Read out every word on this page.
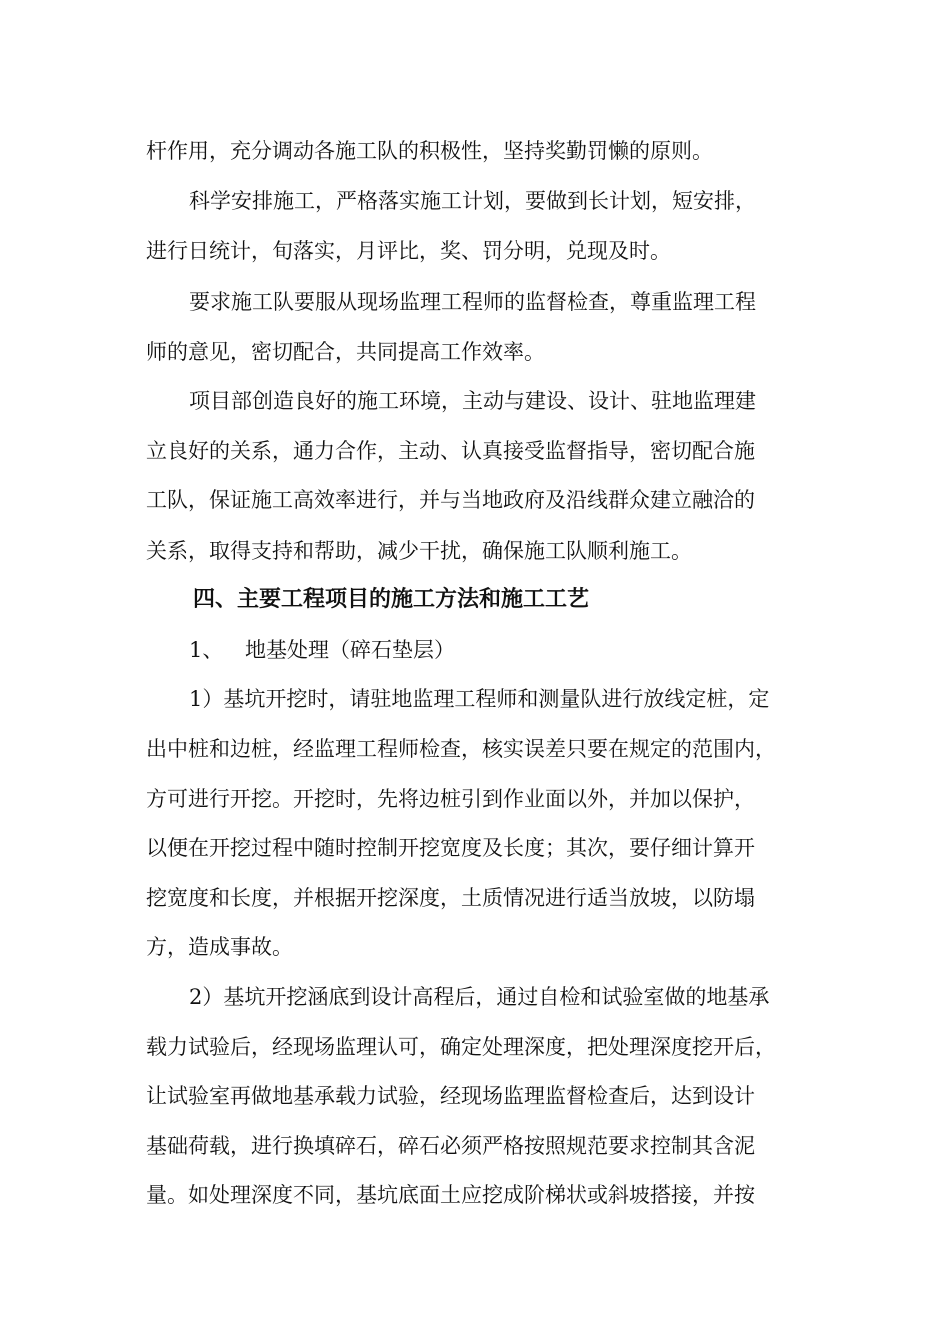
杆作用，充分调动各施工队的积极性，坚持奖勤罚懒的原则。
科学安排施工，严格落实施工计划，要做到长计划，短安排，
进行日统计，旬落实，月评比，奖、罚分明，兑现及时。
要求施工队要服从现场监理工程师的监督检查，尊重监理工程
师的意见，密切配合，共同提高工作效率。
项目部创造良好的施工环境，主动与建设、设计、驻地监理建
立良好的关系，通力合作，主动、认真接受监督指导，密切配合施
工队，保证施工高效率进行，并与当地政府及沿线群众建立融洽的
关系，取得支持和帮助，减少干扰，确保施工队顺利施工。
四、主要工程项目的施工方法和施工工艺
1、 地基处理（碎石垫层）
1）基坑开挖时，请驻地监理工程师和测量队进行放线定桩，定
出中桩和边桩，经监理工程师检查，核实误差只要在规定的范围内，
方可进行开挖。开挖时，先将边桩引到作业面以外，并加以保护，
以便在开挖过程中随时控制开挖宽度及长度；其次，要仔细计算开
挖宽度和长度，并根据开挖深度，土质情况进行适当放坡，以防塌
方，造成事故。
2）基坑开挖涵底到设计高程后，通过自检和试验室做的地基承
载力试验后，经现场监理认可，确定处理深度，把处理深度挖开后，
让试验室再做地基承载力试验，经现场监理监督检查后，达到设计
基础荷载，进行换填碎石，碎石必须严格按照规范要求控制其含泥
量。如处理深度不同，基坑底面土应挖成阶梯状或斜坡搭接，并按
